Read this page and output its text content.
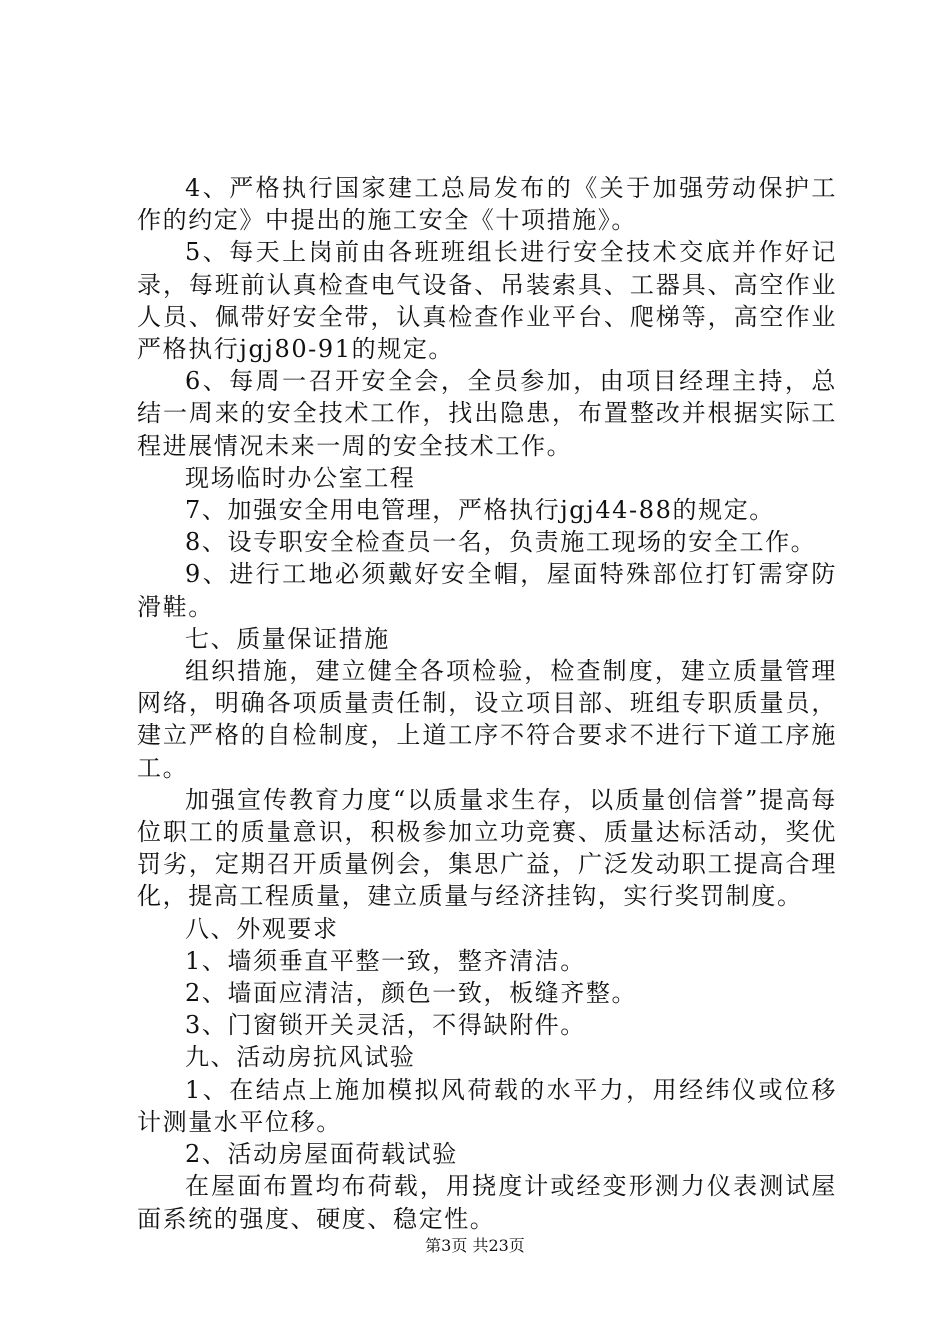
4、严格执行国家建工总局发布的《关于加强劳动保护工作的约定》中提出的施工安全《十项措施》。

5、每天上岗前由各班班组长进行安全技术交底并作好记录，每班前认真检查电气设备、吊装索具、工器具、高空作业人员、佩带好安全带，认真检查作业平台、爬梯等，高空作业严格执行jgj80-91的规定。

6、每周一召开安全会，全员参加，由项目经理主持，总结一周来的安全技术工作，找出隐患，布置整改并根据实际工程进展情况未来一周的安全技术工作。

现场临时办公室工程

7、加强安全用电管理，严格执行jgj44-88的规定。

8、设专职安全检查员一名，负责施工现场的安全工作。

9、进行工地必须戴好安全帽，屋面特殊部位打钉需穿防滑鞋。

七、质量保证措施

组织措施，建立健全各项检验，检查制度，建立质量管理网络，明确各项质量责任制，设立项目部、班组专职质量员，建立严格的自检制度，上道工序不符合要求不进行下道工序施工。

加强宣传教育力度“以质量求生存，以质量创信誉”提高每位职工的质量意识，积极参加立功竞赛、质量达标活动，奖优罚劣，定期召开质量例会，集思广益，广泛发动职工提高合理化，提高工程质量，建立质量与经济挂钩，实行奖罚制度。

八、外观要求

1、墙须垂直平整一致，整齐清洁。

2、墙面应清洁，颜色一致，板缝齐整。

3、门窗锁开关灵活，不得缺附件。

九、活动房抗风试验

1、在结点上施加模拟风荷载的水平力，用经纬仪或位移计测量水平位移。

2、活动房屋面荷载试验

在屋面布置均布荷载，用挠度计或经变形测力仪表测试屋面系统的强度、硬度、稳定性。

第3页 共23页
